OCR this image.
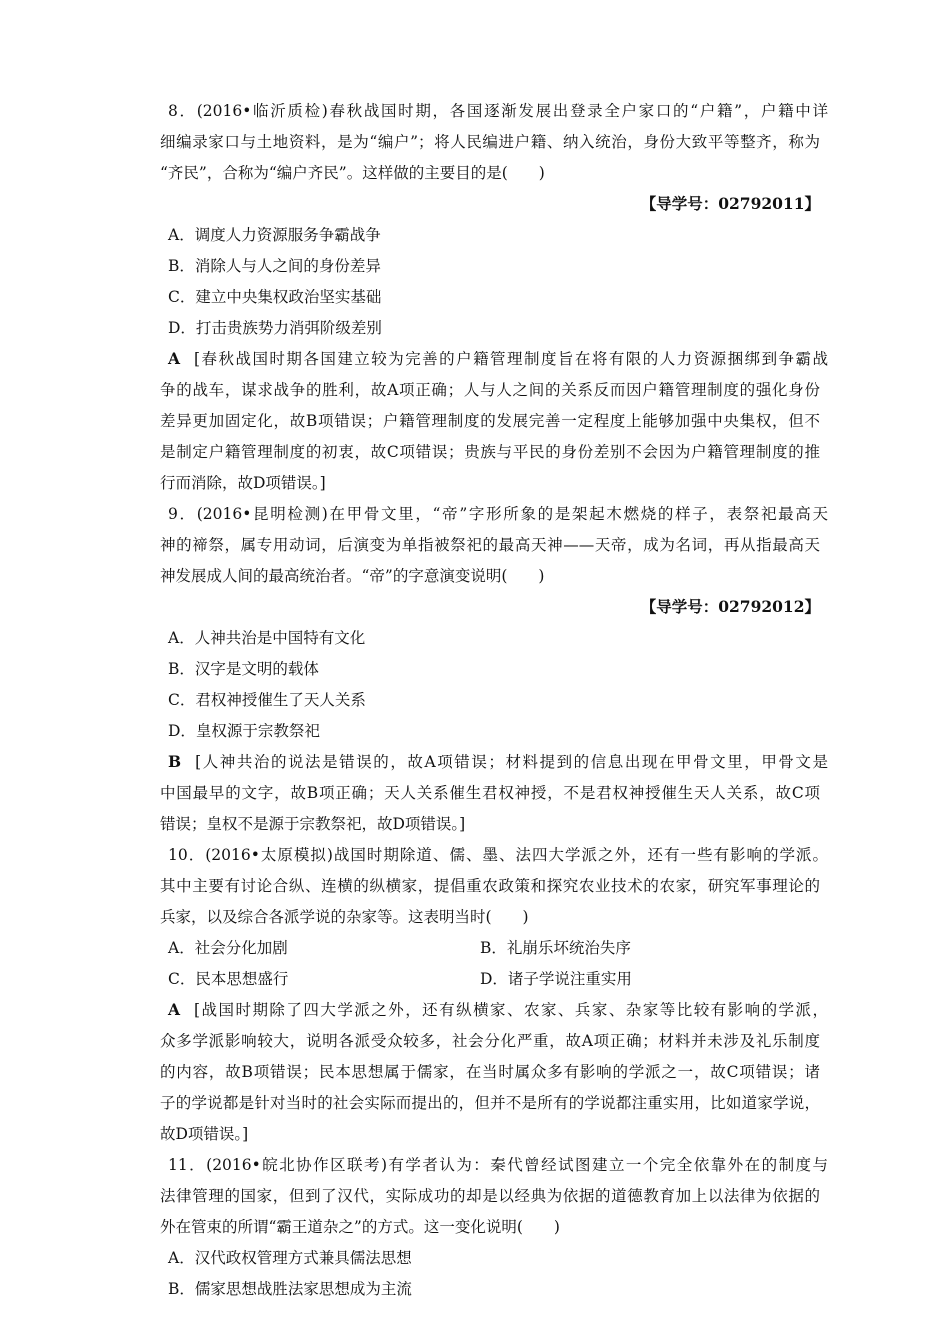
8．(2016•临沂质检)春秋战国时期，各国逐渐发展出登录全户家口的“户籍”，户籍中详
细编录家口与土地资料，是为“编户”；将人民编进户籍、纳入统治，身份大致平等整齐，称为
“齐民”，合称为“编户齐民”。这样做的主要目的是(　　)
【导学号：02792011】
A．调度人力资源服务争霸战争
B．消除人与人之间的身份差异
C．建立中央集权政治坚实基础
D．打击贵族势力消弭阶级差别
A [春秋战国时期各国建立较为完善的户籍管理制度旨在将有限的人力资源捆绑到争霸战
争的战车，谋求战争的胜利，故A项正确；人与人之间的关系反而因户籍管理制度的强化身份
差异更加固定化，故B项错误；户籍管理制度的发展完善一定程度上能够加强中央集权，但不
是制定户籍管理制度的初衷，故C项错误；贵族与平民的身份差别不会因为户籍管理制度的推
行而消除，故D项错误。]
9．(2016•昆明检测)在甲骨文里，“帝”字形所象的是架起木燃烧的样子，表祭祀最高天
神的禘祭，属专用动词，后演变为单指被祭祀的最高天神——天帝，成为名词，再从指最高天
神发展成人间的最高统治者。“帝”的字意演变说明(　　)
【导学号：02792012】
A．人神共治是中国特有文化
B．汉字是文明的载体
C．君权神授催生了天人关系
D．皇权源于宗教祭祀
B [人神共治的说法是错误的，故A项错误；材料提到的信息出现在甲骨文里，甲骨文是
中国最早的文字，故B项正确；天人关系催生君权神授，不是君权神授催生天人关系，故C项
错误；皇权不是源于宗教祭祀，故D项错误。]
10．(2016•太原模拟)战国时期除道、儒、墨、法四大学派之外，还有一些有影响的学派。
其中主要有讨论合纵、连横的纵横家，提倡重农政策和探究农业技术的农家，研究军事理论的
兵家，以及综合各派学说的杂家等。这表明当时(　　)
A．社会分化加剧	B．礼崩乐坏统治失序
C．民本思想盛行	D．诸子学说注重实用
A [战国时期除了四大学派之外，还有纵横家、农家、兵家、杂家等比较有影响的学派，
众多学派影响较大，说明各派受众较多，社会分化严重，故A项正确；材料并未涉及礼乐制度
的内容，故B项错误；民本思想属于儒家，在当时属众多有影响的学派之一，故C项错误；诸
子的学说都是针对当时的社会实际而提出的，但并不是所有的学说都注重实用，比如道家学说，
故D项错误。]
11．(2016•皖北协作区联考)有学者认为：秦代曾经试图建立一个完全依靠外在的制度与
法律管理的国家，但到了汉代，实际成功的却是以经典为依据的道德教育加上以法律为依据的
外在管束的所谓“霸王道杂之”的方式。这一变化说明(　　)
A．汉代政权管理方式兼具儒法思想
B．儒家思想战胜法家思想成为主流
